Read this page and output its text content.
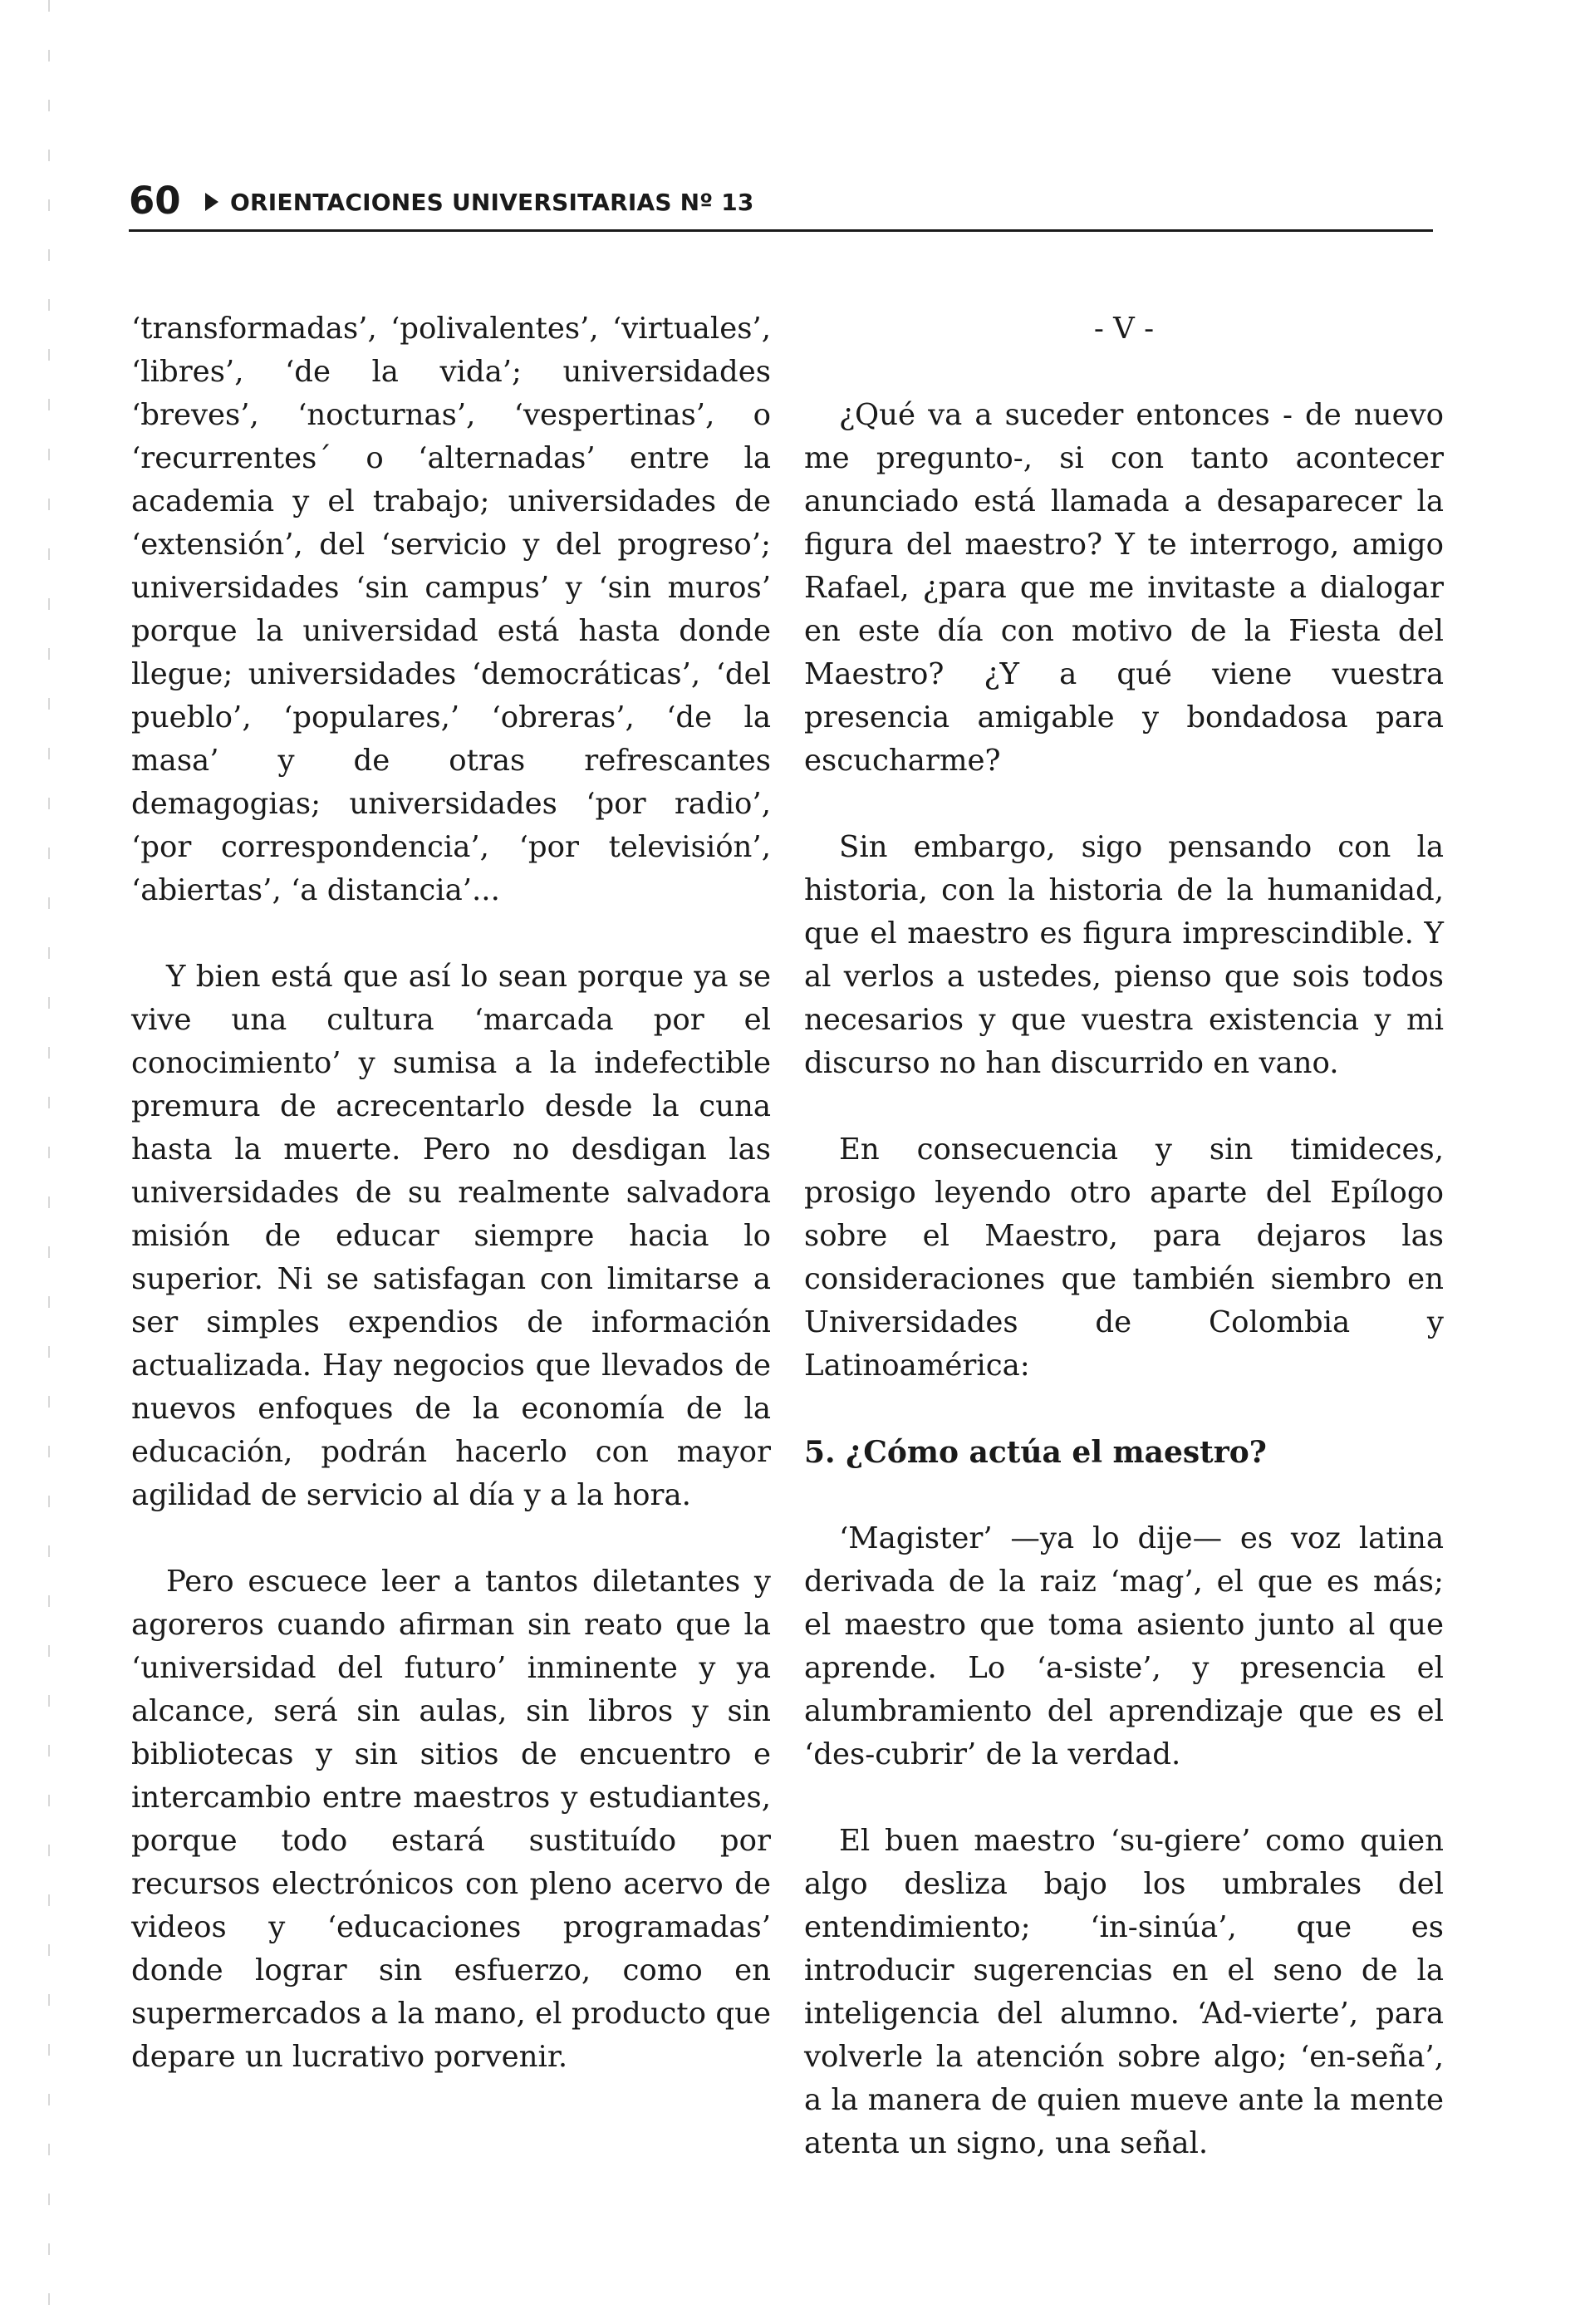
60 ORIENTACIONES UNIVERSITARIAS Nº 13

‘transformadas’, ‘polivalentes’, ‘virtuales’, ‘libres’, ‘de la vida’; universidades ‘breves’, ‘nocturnas’, ‘vespertinas’, o ‘recurrentes´ o ‘alternadas’ entre la academia y el trabajo; universidades de ‘extensión’, del ‘servicio y del progreso’; universidades ‘sin campus’ y ‘sin muros’ porque la universidad está hasta donde llegue; universidades ‘democráticas’, ‘del pueblo’, ‘populares,’ ‘obreras’, ‘de la masa’ y de otras refrescantes demagogias; universidades ‘por radio’, ‘por correspondencia’, ‘por televisión’, ‘abiertas’, ‘a distancia’...

Y bien está que así lo sean porque ya se vive una cultura ‘marcada por el conocimiento’ y sumisa a la indefectible premura de acrecentarlo desde la cuna hasta la muerte. Pero no desdigan las universidades de su realmente salvadora misión de educar siempre hacia lo superior. Ni se satisfagan con limitarse a ser simples expendios de información actualizada. Hay negocios que llevados de nuevos enfoques de la economía de la educación, podrán hacerlo con mayor agilidad de servicio al día y a la hora.

Pero escuece leer a tantos diletantes y agoreros cuando afirman sin reato que la ‘universidad del futuro’ inminente y ya alcance, será sin aulas, sin libros y sin bibliotecas y sin sitios de encuentro e intercambio entre maestros y estudiantes, porque todo estará sustituído por recursos electrónicos con pleno acervo de videos y ‘educaciones programadas’ donde lograr sin esfuerzo, como en supermercados a la mano, el producto que depare un lucrativo porvenir.

- V -

¿Qué va a suceder entonces - de nuevo me pregunto-, si con tanto acontecer anunciado está llamada a desaparecer la figura del maestro? Y te interrogo, amigo Rafael, ¿para que me invitaste a dialogar en este día con motivo de la Fiesta del Maestro? ¿Y a qué viene vuestra presencia amigable y bondadosa para escucharme?

Sin embargo, sigo pensando con la historia, con la historia de la humanidad, que el maestro es figura imprescindible. Y al verlos a ustedes, pienso que sois todos necesarios y que vuestra existencia y mi discurso no han discurrido en vano.

En consecuencia y sin timideces, prosigo leyendo otro aparte del Epílogo sobre el Maestro, para dejaros las consideraciones que también siembro en Universidades de Colombia y Latinoamérica:

5. ¿Cómo actúa el maestro?

‘Magister’ —ya lo dije— es voz latina derivada de la raiz ‘mag’, el que es más; el maestro que toma asiento junto al que aprende. Lo ‘a-siste’, y presencia el alumbramiento del aprendizaje que es el ‘des-cubrir’ de la verdad.

El buen maestro ‘su-giere’ como quien algo desliza bajo los umbrales del entendimiento; ‘in-sinúa’, que es introducir sugerencias en el seno de la inteligencia del alumno. ‘Ad-vierte’, para volverle la atención sobre algo; ‘en-seña’, a la manera de quien mueve ante la mente atenta un signo, una señal.
